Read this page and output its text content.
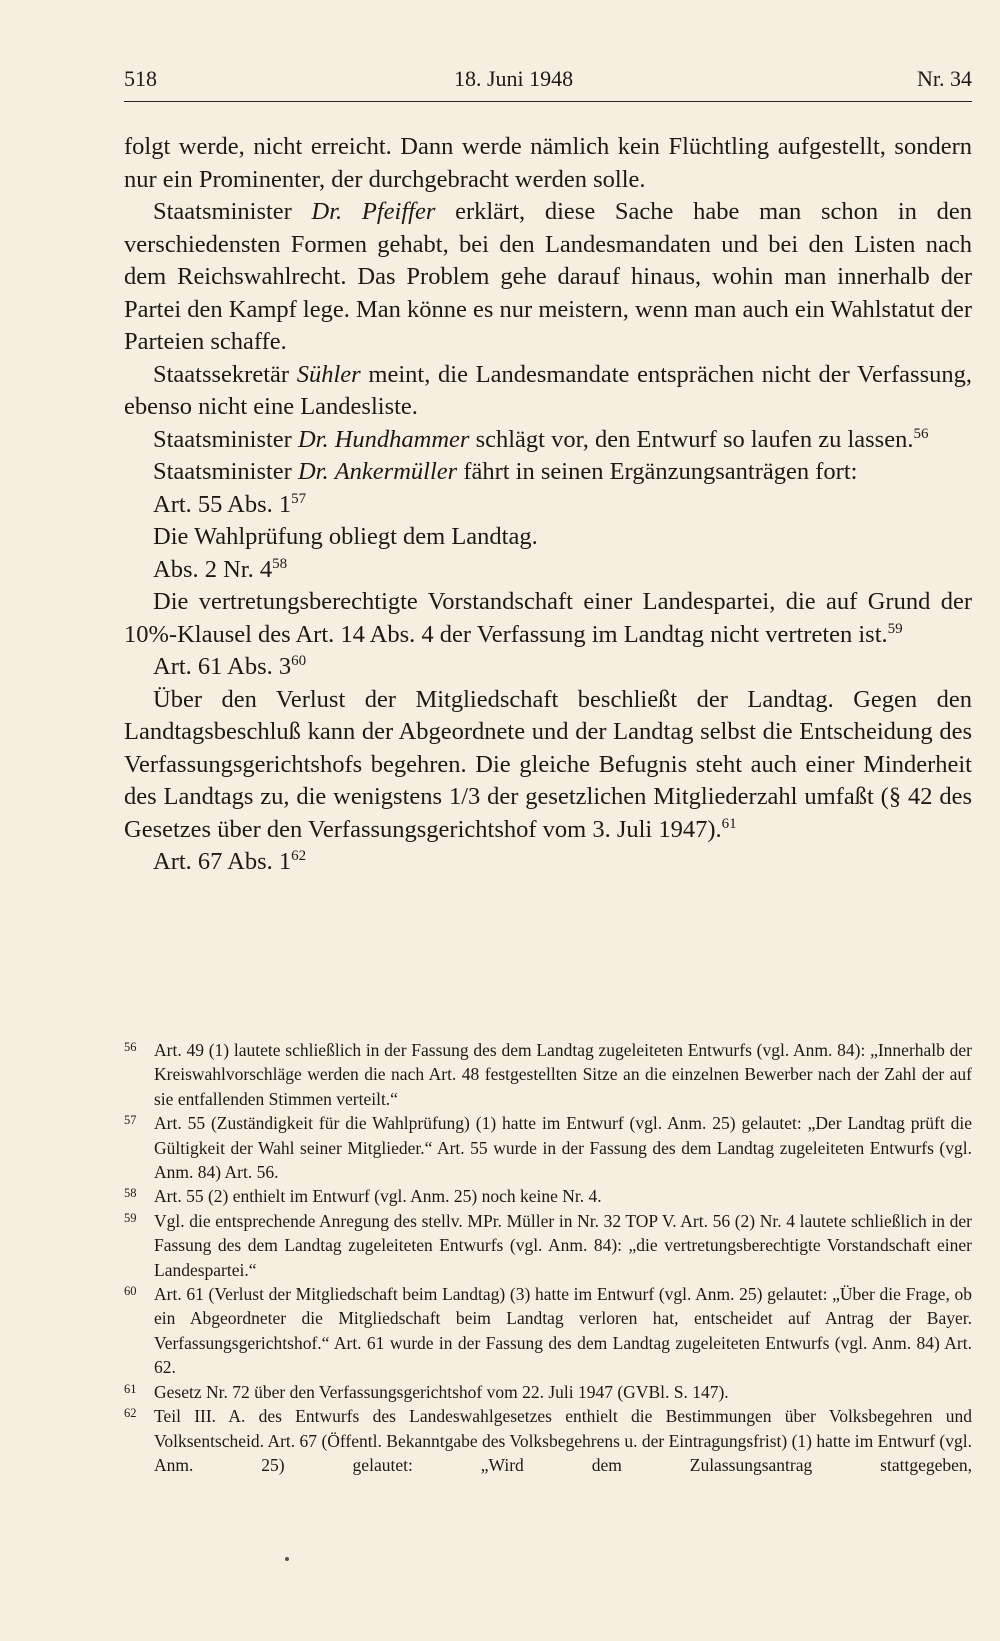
518	18. Juni 1948	Nr. 34

folgt werde, nicht erreicht. Dann werde nämlich kein Flüchtling aufgestellt, sondern nur ein Prominenter, der durchgebracht werden solle.

Staatsminister Dr. Pfeiffer erklärt, diese Sache habe man schon in den verschiedensten Formen gehabt, bei den Landesmandaten und bei den Listen nach dem Reichswahlrecht. Das Problem gehe darauf hinaus, wohin man innerhalb der Partei den Kampf lege. Man könne es nur meistern, wenn man auch ein Wahlstatut der Parteien schaffe.

Staatssekretär Sühler meint, die Landesmandate entsprächen nicht der Verfassung, ebenso nicht eine Landesliste.

Staatsminister Dr. Hundhammer schlägt vor, den Entwurf so laufen zu lassen.$^{56}$

Staatsminister Dr. Ankermüller fährt in seinen Ergänzungsanträgen fort:

Art. 55 Abs. $1^{57}$

Die Wahlprüfung obliegt dem Landtag.

Abs. 2 Nr. $4^{58}$

Die vertretungsberechtigte Vorstandschaft einer Landespartei, die auf Grund der 10%-Klausel des Art. 14 Abs. 4 der Verfassung im Landtag nicht vertreten ist.$^{59}$

Art. 61 Abs. $3^{60}$

Über den Verlust der Mitgliedschaft beschließt der Landtag. Gegen den Landtagsbeschluß kann der Abgeordnete und der Landtag selbst die Entscheidung des Verfassungsgerichtshofs begehren. Die gleiche Befugnis steht auch einer Minderheit des Landtags zu, die wenigstens 1/3 der gesetzlichen Mitgliederzahl umfaßt (§ 42 des Gesetzes über den Verfassungsgerichtshof vom 3. Juli 1947).$^{61}$

Art. 67 Abs. $1^{62}$

56 Art. 49 (1) lautete schließlich in der Fassung des dem Landtag zugeleiteten Entwurfs (vgl. Anm. 84): „Innerhalb der Kreiswahlvorschläge werden die nach Art. 48 festgestellten Sitze an die einzelnen Bewerber nach der Zahl der auf sie entfallenden Stimmen verteilt.“

57 Art. 55 (Zuständigkeit für die Wahlprüfung) (1) hatte im Entwurf (vgl. Anm. 25) gelautet: „Der Landtag prüft die Gültigkeit der Wahl seiner Mitglieder.“ Art. 55 wurde in der Fassung des dem Landtag zugeleiteten Entwurfs (vgl. Anm. 84) Art. 56.

58 Art. 55 (2) enthielt im Entwurf (vgl. Anm. 25) noch keine Nr. 4.

59 Vgl. die entsprechende Anregung des stellv. MPr. Müller in Nr. 32 TOP V. Art. 56 (2) Nr. 4 lautete schließlich in der Fassung des dem Landtag zugeleiteten Entwurfs (vgl. Anm. 84): „die vertretungsberechtigte Vorstandschaft einer Landespartei.“

60 Art. 61 (Verlust der Mitgliedschaft beim Landtag) (3) hatte im Entwurf (vgl. Anm. 25) gelautet: „Über die Frage, ob ein Abgeordneter die Mitgliedschaft beim Landtag verloren hat, entscheidet auf Antrag der Bayer. Verfassungsgerichtshof.“ Art. 61 wurde in der Fassung des dem Landtag zugeleiteten Entwurfs (vgl. Anm. 84) Art. 62.

61 Gesetz Nr. 72 über den Verfassungsgerichtshof vom 22. Juli 1947 (GVBl. S. 147).

62 Teil III. A. des Entwurfs des Landeswahlgesetzes enthielt die Bestimmungen über Volksbegehren und Volksentscheid. Art. 67 (Öffentl. Bekanntgabe des Volksbegehrens u. der Eintragungsfrist) (1) hatte im Entwurf (vgl. Anm. 25) gelautet: „Wird dem Zulassungsantrag stattgegeben,
